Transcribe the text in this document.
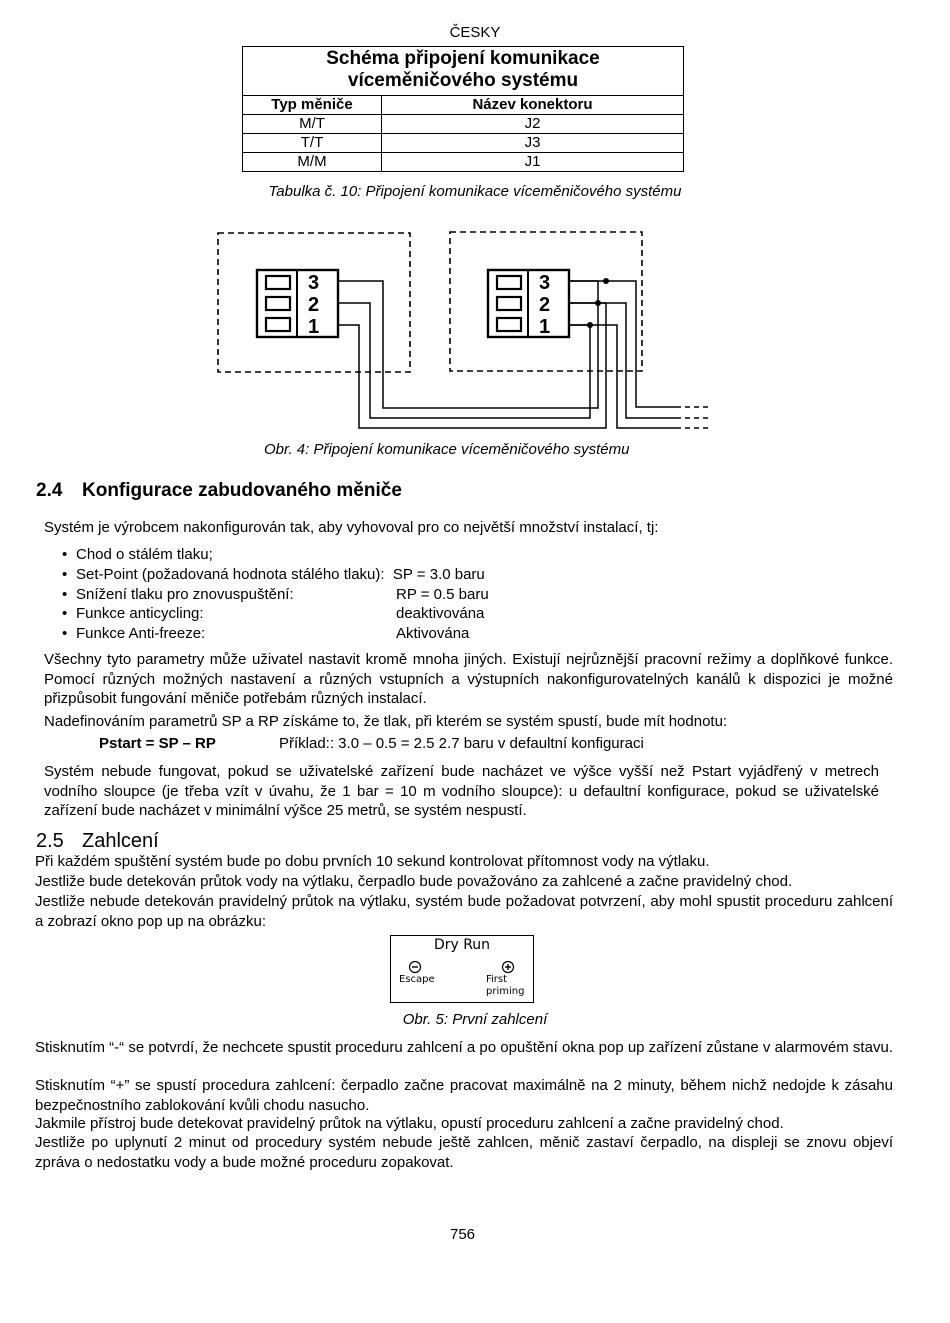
ČESKY
Schéma připojení komunikace
víceměničového systému	
Typ měniče	Název konektoru
M/T	J2
T/T	J3
M/M	J1
Tabulka č. 10: Připojení komunikace víceměničového systému
3
2
1
3
2
1
Obr. 4: Připojení komunikace víceměničového systému
2.4 Konfigurace zabudovaného měniče
Systém je výrobcem nakonfigurován tak, aby vyhovoval pro co největší množství instalací, tj:
• Chod o stálém tlaku;
• Set-Point (požadovaná hodnota stálého tlaku): SP = 3.0 baru
• Snížení tlaku pro znovuspuštění:	RP = 0.5 baru
• Funkce anticycling:	deaktivována
• Funkce Anti-freeze:	Aktivována
Všechny tyto parametry může uživatel nastavit kromě mnoha jiných. Existují nejrůznější pracovní režimy a doplňkové funkce. Pomocí různých možných nastavení a různých vstupních a výstupních nakonfigurovatelných kanálů k dispozici je možné přizpůsobit fungování měniče potřebám různých instalací.
Nadefinováním parametrů SP a RP získáme to, že tlak, při kterém se systém spustí, bude mít hodnotu:
Pstart = SP – RP	Příklad:: 3.0 – 0.5 = 2.5 2.7 baru v defaultní konfiguraci
Systém nebude fungovat, pokud se uživatelské zařízení bude nacházet ve výšce vyšší než Pstart vyjádřený v metrech vodního sloupce (je třeba vzít v úvahu, že 1 bar = 10 m vodního sloupce): u defaultní konfigurace, pokud se uživatelské zařízení bude nacházet v minimální výšce 25 metrů, se systém nespustí.
2.5 Zahlcení
Při každém spuštění systém bude po dobu prvních 10 sekund kontrolovat přítomnost vody na výtlaku.
Jestliže bude detekován průtok vody na výtlaku, čerpadlo bude považováno za zahlcené a začne pravidelný chod.
Jestliže nebude detekován pravidelný průtok na výtlaku, systém bude požadovat potvrzení, aby mohl spustit proceduru zahlcení a zobrazí okno pop up na obrázku:
Dry Run
Escape	First
priming
Obr. 5: První zahlcení
Stisknutím “-“ se potvrdí, že nechcete spustit proceduru zahlcení a po opuštění okna pop up zařízení zůstane v alarmovém stavu.
Stisknutím “+” se spustí procedura zahlcení: čerpadlo začne pracovat maximálně na 2 minuty, během nichž nedojde k zásahu bezpečnostního zablokování kvůli chodu nasucho.
Jakmile přístroj bude detekovat pravidelný průtok na výtlaku, opustí proceduru zahlcení a začne pravidelný chod.
Jestliže po uplynutí 2 minut od procedury systém nebude ještě zahlcen, měnič zastaví čerpadlo, na displeji se znovu objeví zpráva o nedostatku vody a bude možné proceduru zopakovat.
756
